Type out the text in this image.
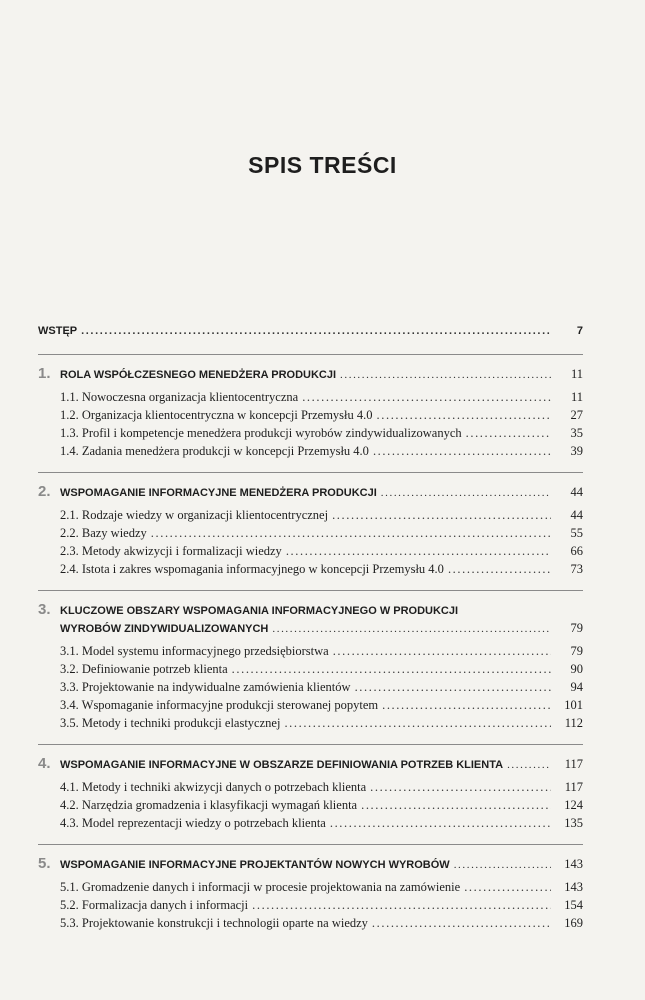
SPIS TREŚCI
WSTĘP .....	7
1. ROLA WSPÓŁCZESNEGO MENEDŻERA PRODUKCJI .....	11
1.1. Nowoczesna organizacja klientocentryczna .....	11
1.2. Organizacja klientocentryczna w koncepcji Przemysłu 4.0 .....	27
1.3. Profil i kompetencje menedżera produkcji wyrobów zindywidualizowanych .....	35
1.4. Zadania menedżera produkcji w koncepcji Przemysłu 4.0 .....	39
2. WSPOMAGANIE INFORMACYJNE MENEDŻERA PRODUKCJI .....	44
2.1. Rodzaje wiedzy w organizacji klientocentrycznej .....	44
2.2. Bazy wiedzy .....	55
2.3. Metody akwizycji i formalizacji wiedzy .....	66
2.4. Istota i zakres wspomagania informacyjnego w koncepcji Przemysłu 4.0 .....	73
3. KLUCZOWE OBSZARY WSPOMAGANIA INFORMACYJNEGO W PRODUKCJI
WYROBÓW ZINDYWIDUALIZOWANYCH .....	79
3.1. Model systemu informacyjnego przedsiębiorstwa .....	79
3.2. Definiowanie potrzeb klienta .....	90
3.3. Projektowanie na indywidualne zamówienia klientów .....	94
3.4. Wspomaganie informacyjne produkcji sterowanej popytem .....	101
3.5. Metody i techniki produkcji elastycznej .....	112
4. WSPOMAGANIE INFORMACYJNE W OBSZARZE DEFINIOWANIA POTRZEB KLIENTA .....	117
4.1. Metody i techniki akwizycji danych o potrzebach klienta .....	117
4.2. Narzędzia gromadzenia i klasyfikacji wymagań klienta .....	124
4.3. Model reprezentacji wiedzy o potrzebach klienta .....	135
5. WSPOMAGANIE INFORMACYJNE PROJEKTANTÓW NOWYCH WYROBÓW .....	143
5.1. Gromadzenie danych i informacji w procesie projektowania na zamówienie .....	143
5.2. Formalizacja danych i informacji .....	154
5.3. Projektowanie konstrukcji i technologii oparte na wiedzy .....	169
